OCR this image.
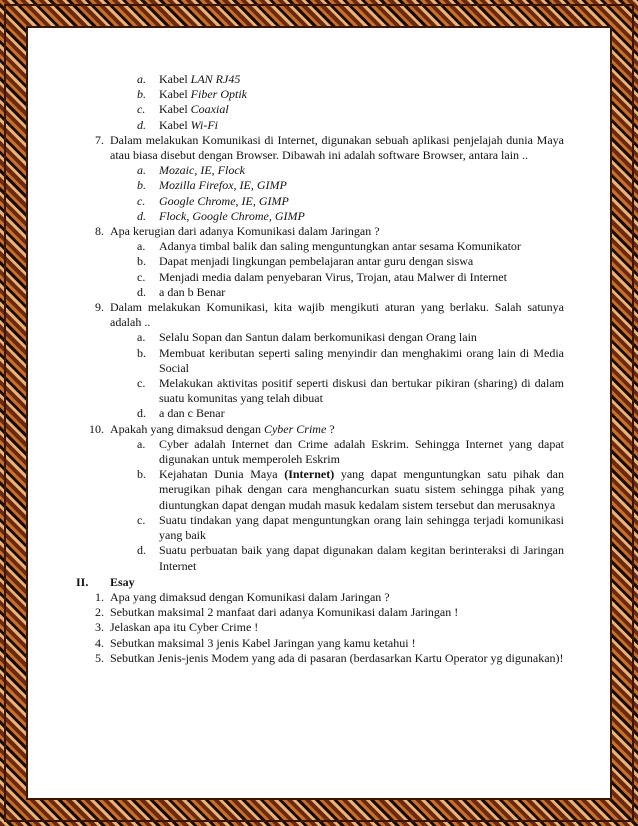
a.	Kabel LAN RJ45
b.	Kabel Fiber Optik
c.	Kabel Coaxial
d.	Kabel Wi-Fi
7. Dalam melakukan Komunikasi di Internet, digunakan sebuah aplikasi penjelajah dunia Maya atau biasa disebut dengan Browser. Dibawah ini adalah software Browser, antara lain ..
a.	Mozaic, IE, Flock
b.	Mozilla Firefox, IE, GIMP
c.	Google Chrome, IE, GIMP
d.	Flock, Google Chrome, GIMP
8. Apa kerugian dari adanya Komunikasi dalam Jaringan ?
a.	Adanya timbal balik dan saling menguntungkan antar sesama Komunikator
b.	Dapat menjadi lingkungan pembelajaran antar guru dengan siswa
c.	Menjadi media dalam penyebaran Virus, Trojan, atau Malwer di Internet
d.	a dan b Benar
9. Dalam melakukan Komunikasi, kita wajib mengikuti aturan yang berlaku. Salah satunya adalah ..
a.	Selalu Sopan dan Santun dalam berkomunikasi dengan Orang lain
b.	Membuat keributan seperti saling menyindir dan menghakimi orang lain di Media Social
c.	Melakukan aktivitas positif seperti diskusi dan bertukar pikiran (sharing) di dalam suatu komunitas yang telah dibuat
d.	a dan c Benar
10. Apakah yang dimaksud dengan Cyber Crime ?
a.	Cyber adalah Internet dan Crime adalah Eskrim. Sehingga Internet yang dapat digunakan untuk memperoleh Eskrim
b.	Kejahatan Dunia Maya (Internet) yang dapat menguntungkan satu pihak dan merugikan pihak dengan cara menghancurkan suatu sistem sehingga pihak yang diuntungkan dapat dengan mudah masuk kedalam sistem tersebut dan merusaknya
c.	Suatu tindakan yang dapat menguntungkan orang lain sehingga terjadi komunikasi yang baik
d.	Suatu perbuatan baik yang dapat digunakan dalam kegitan berinteraksi di Jaringan Internet
II. Esay
1. Apa yang dimaksud dengan Komunikasi dalam Jaringan ?
2. Sebutkan maksimal 2 manfaat dari adanya Komunikasi dalam Jaringan !
3. Jelaskan apa itu Cyber Crime !
4. Sebutkan maksimal 3 jenis Kabel Jaringan yang kamu ketahui !
5. Sebutkan Jenis-jenis Modem yang ada di pasaran (berdasarkan Kartu Operator yg digunakan)!
